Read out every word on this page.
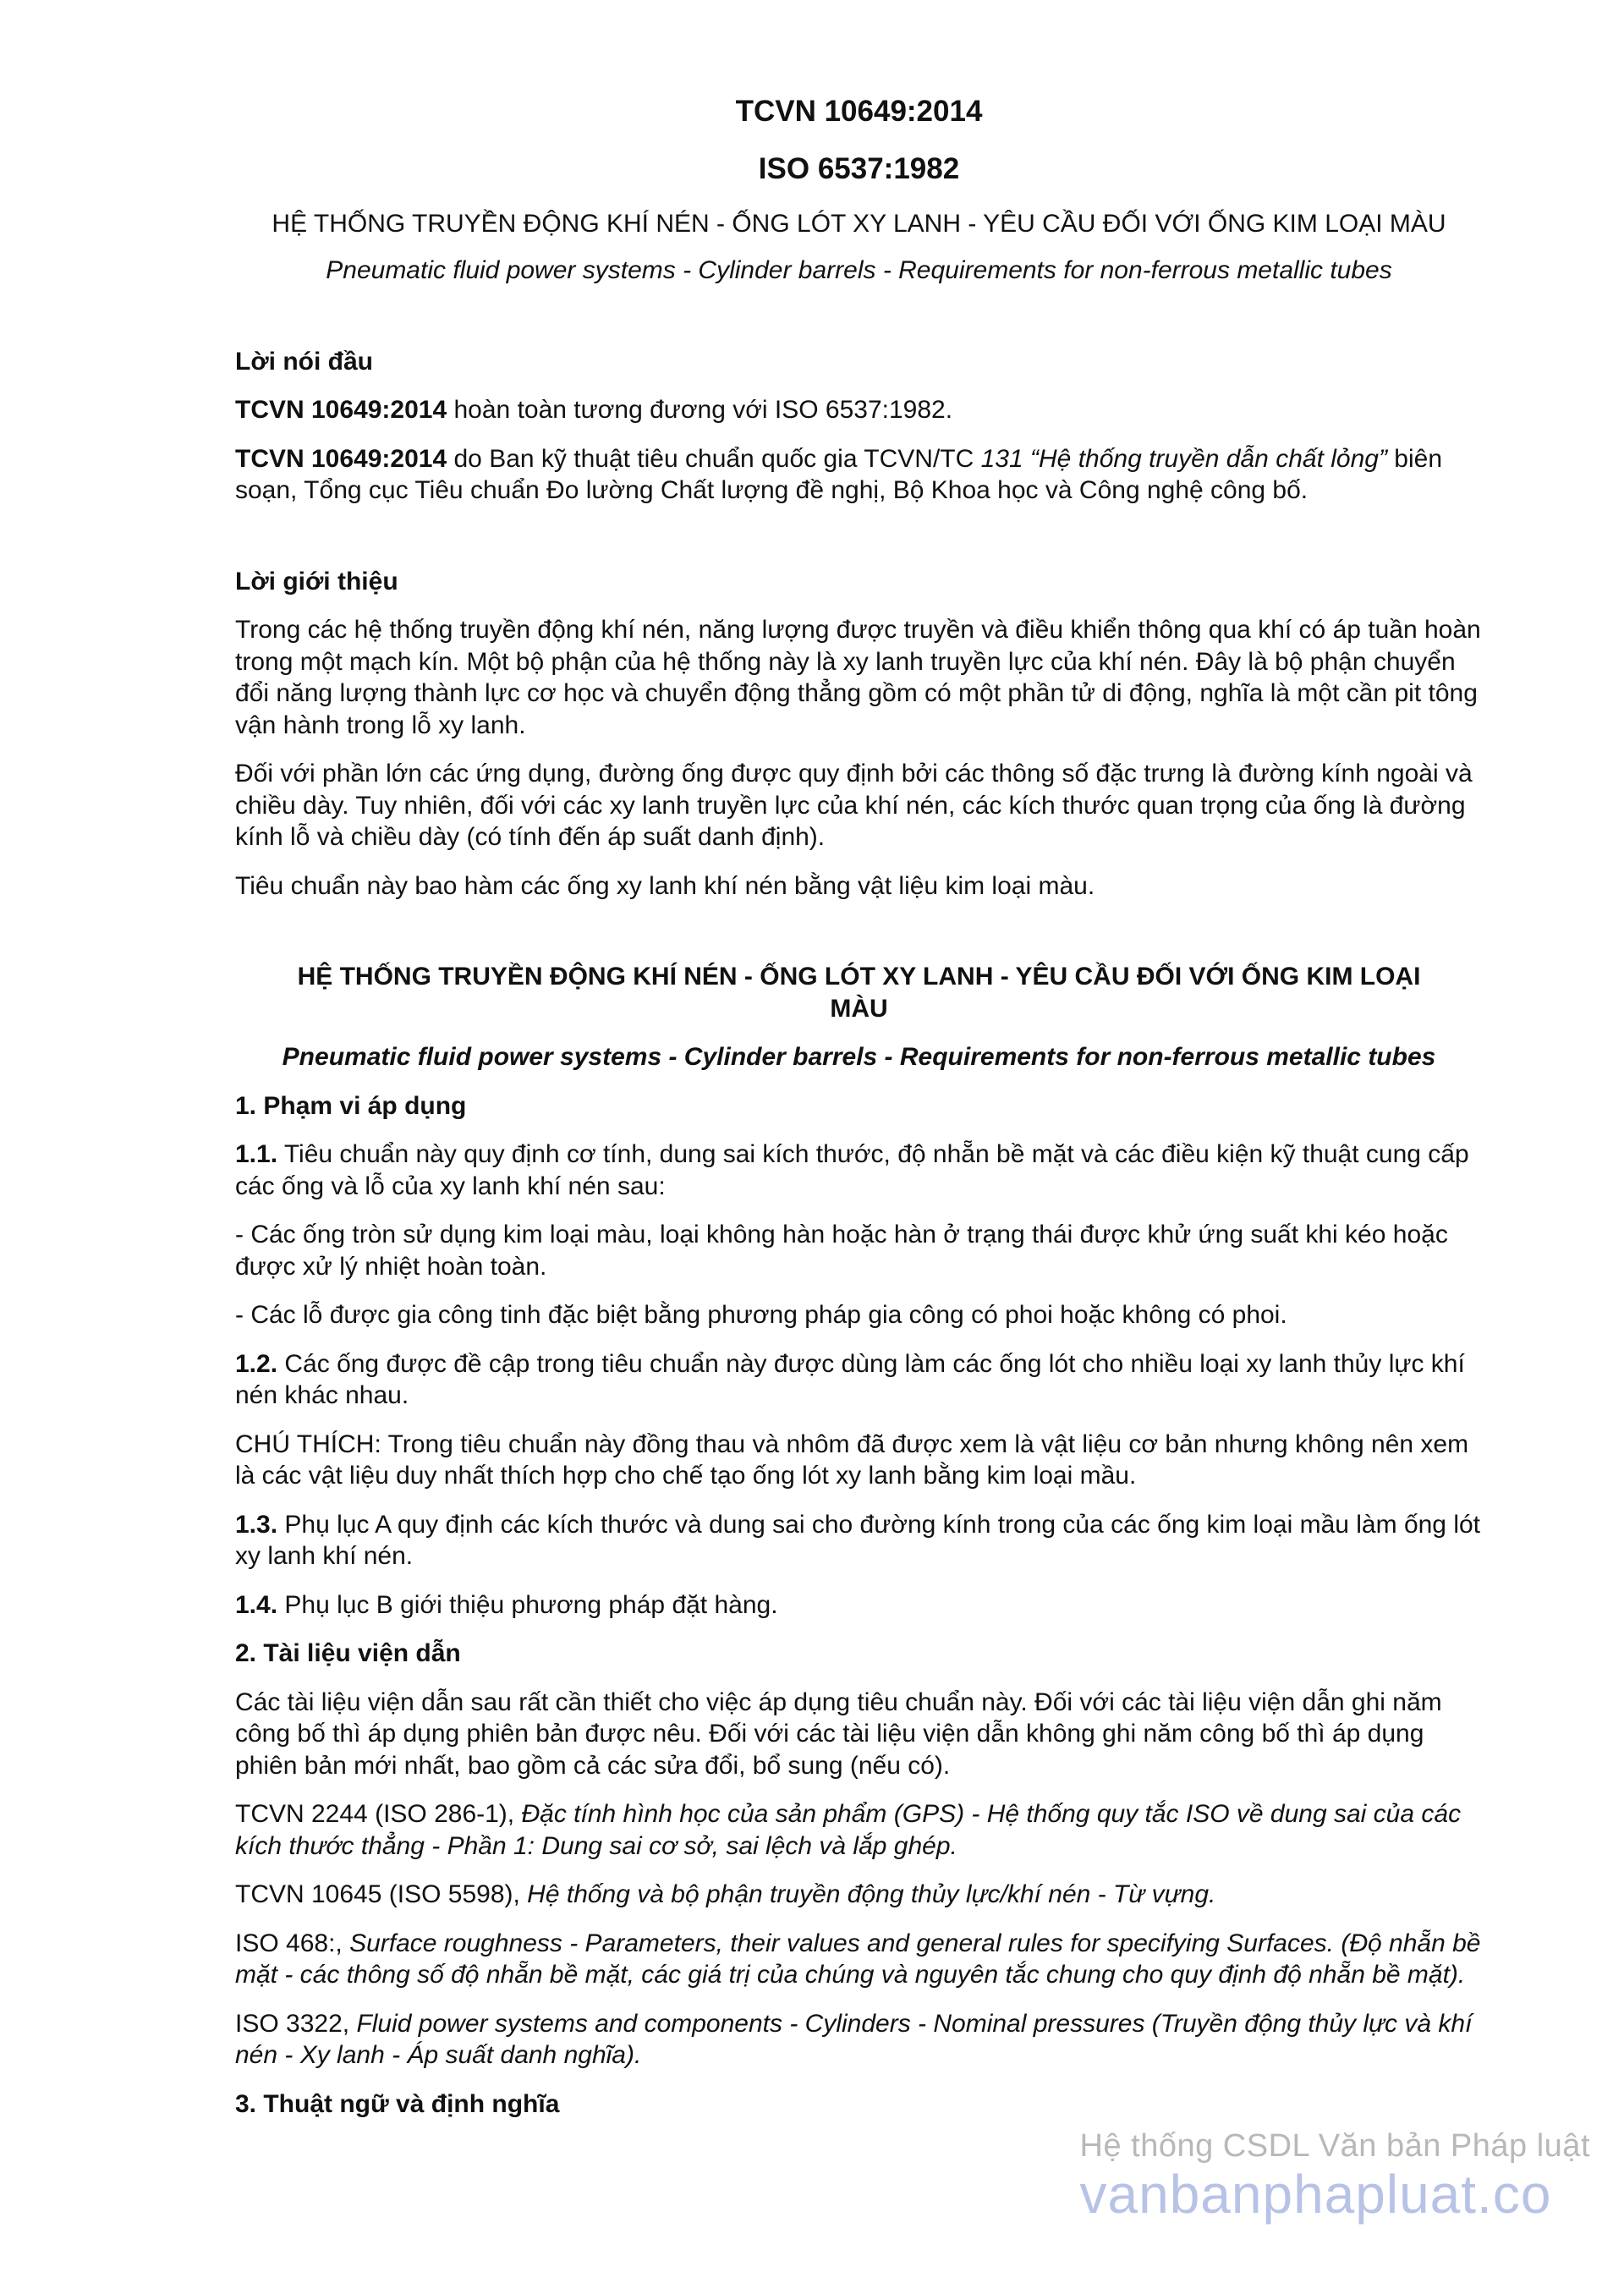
TCVN 10649:2014
ISO 6537:1982
HỆ THỐNG TRUYỀN ĐỘNG KHÍ NÉN - ỐNG LÓT XY LANH - YÊU CẦU ĐỐI VỚI ỐNG KIM LOẠI MÀU
Pneumatic fluid power systems - Cylinder barrels - Requirements for non-ferrous metallic tubes
Lời nói đầu

TCVN 10649:2014 hoàn toàn tương đương với ISO 6537:1982.

TCVN 10649:2014 do Ban kỹ thuật tiêu chuẩn quốc gia TCVN/TC 131 “Hệ thống truyền dẫn chất lỏng” biên soạn, Tổng cục Tiêu chuẩn Đo lường Chất lượng đề nghị, Bộ Khoa học và Công nghệ công bố.

Lời giới thiệu

Trong các hệ thống truyền động khí nén, năng lượng được truyền và điều khiển thông qua khí có áp tuần hoàn trong một mạch kín. Một bộ phận của hệ thống này là xy lanh truyền lực của khí nén. Đây là bộ phận chuyển đổi năng lượng thành lực cơ học và chuyển động thẳng gồm có một phần tử di động, nghĩa là một cần pit tông vận hành trong lỗ xy lanh.

Đối với phần lớn các ứng dụng, đường ống được quy định bởi các thông số đặc trưng là đường kính ngoài và chiều dày. Tuy nhiên, đối với các xy lanh truyền lực của khí nén, các kích thước quan trọng của ống là đường kính lỗ và chiều dày (có tính đến áp suất danh định).

Tiêu chuẩn này bao hàm các ống xy lanh khí nén bằng vật liệu kim loại màu.

HỆ THỐNG TRUYỀN ĐỘNG KHÍ NÉN - ỐNG LÓT XY LANH - YÊU CẦU ĐỐI VỚI ỐNG KIM LOẠI MÀU
Pneumatic fluid power systems - Cylinder barrels - Requirements for non-ferrous metallic tubes
1. Phạm vi áp dụng

1.1. Tiêu chuẩn này quy định cơ tính, dung sai kích thước, độ nhẵn bề mặt và các điều kiện kỹ thuật cung cấp các ống và lỗ của xy lanh khí nén sau:

- Các ống tròn sử dụng kim loại màu, loại không hàn hoặc hàn ở trạng thái được khử ứng suất khi kéo hoặc được xử lý nhiệt hoàn toàn.

- Các lỗ được gia công tinh đặc biệt bằng phương pháp gia công có phoi hoặc không có phoi.

1.2. Các ống được đề cập trong tiêu chuẩn này được dùng làm các ống lót cho nhiều loại xy lanh thủy lực khí nén khác nhau.

CHÚ THÍCH: Trong tiêu chuẩn này đồng thau và nhôm đã được xem là vật liệu cơ bản nhưng không nên xem là các vật liệu duy nhất thích hợp cho chế tạo ống lót xy lanh bằng kim loại mầu.

1.3. Phụ lục A quy định các kích thước và dung sai cho đường kính trong của các ống kim loại mầu làm ống lót xy lanh khí nén.

1.4. Phụ lục B giới thiệu phương pháp đặt hàng.

2. Tài liệu viện dẫn

Các tài liệu viện dẫn sau rất cần thiết cho việc áp dụng tiêu chuẩn này. Đối với các tài liệu viện dẫn ghi năm công bố thì áp dụng phiên bản được nêu. Đối với các tài liệu viện dẫn không ghi năm công bố thì áp dụng phiên bản mới nhất, bao gồm cả các sửa đổi, bổ sung (nếu có).

TCVN 2244 (ISO 286-1), Đặc tính hình học của sản phẩm (GPS) - Hệ thống quy tắc ISO về dung sai của các kích thước thẳng - Phần 1: Dung sai cơ sở, sai lệch và lắp ghép.

TCVN 10645 (ISO 5598), Hệ thống và bộ phận truyền động thủy lực/khí nén - Từ vựng.

ISO 468:, Surface roughness - Parameters, their values and general rules for specifying Surfaces. (Độ nhẵn bề mặt - các thông số độ nhẵn bề mặt, các giá trị của chúng và nguyên tắc chung cho quy định độ nhẵn bề mặt).

ISO 3322, Fluid power systems and components - Cylinders - Nominal pressures (Truyền động thủy lực và khí nén - Xy lanh - Áp suất danh nghĩa).

3. Thuật ngữ và định nghĩa
Hệ thống CSDL Văn bản Pháp luật
vanbanphapluat.co
